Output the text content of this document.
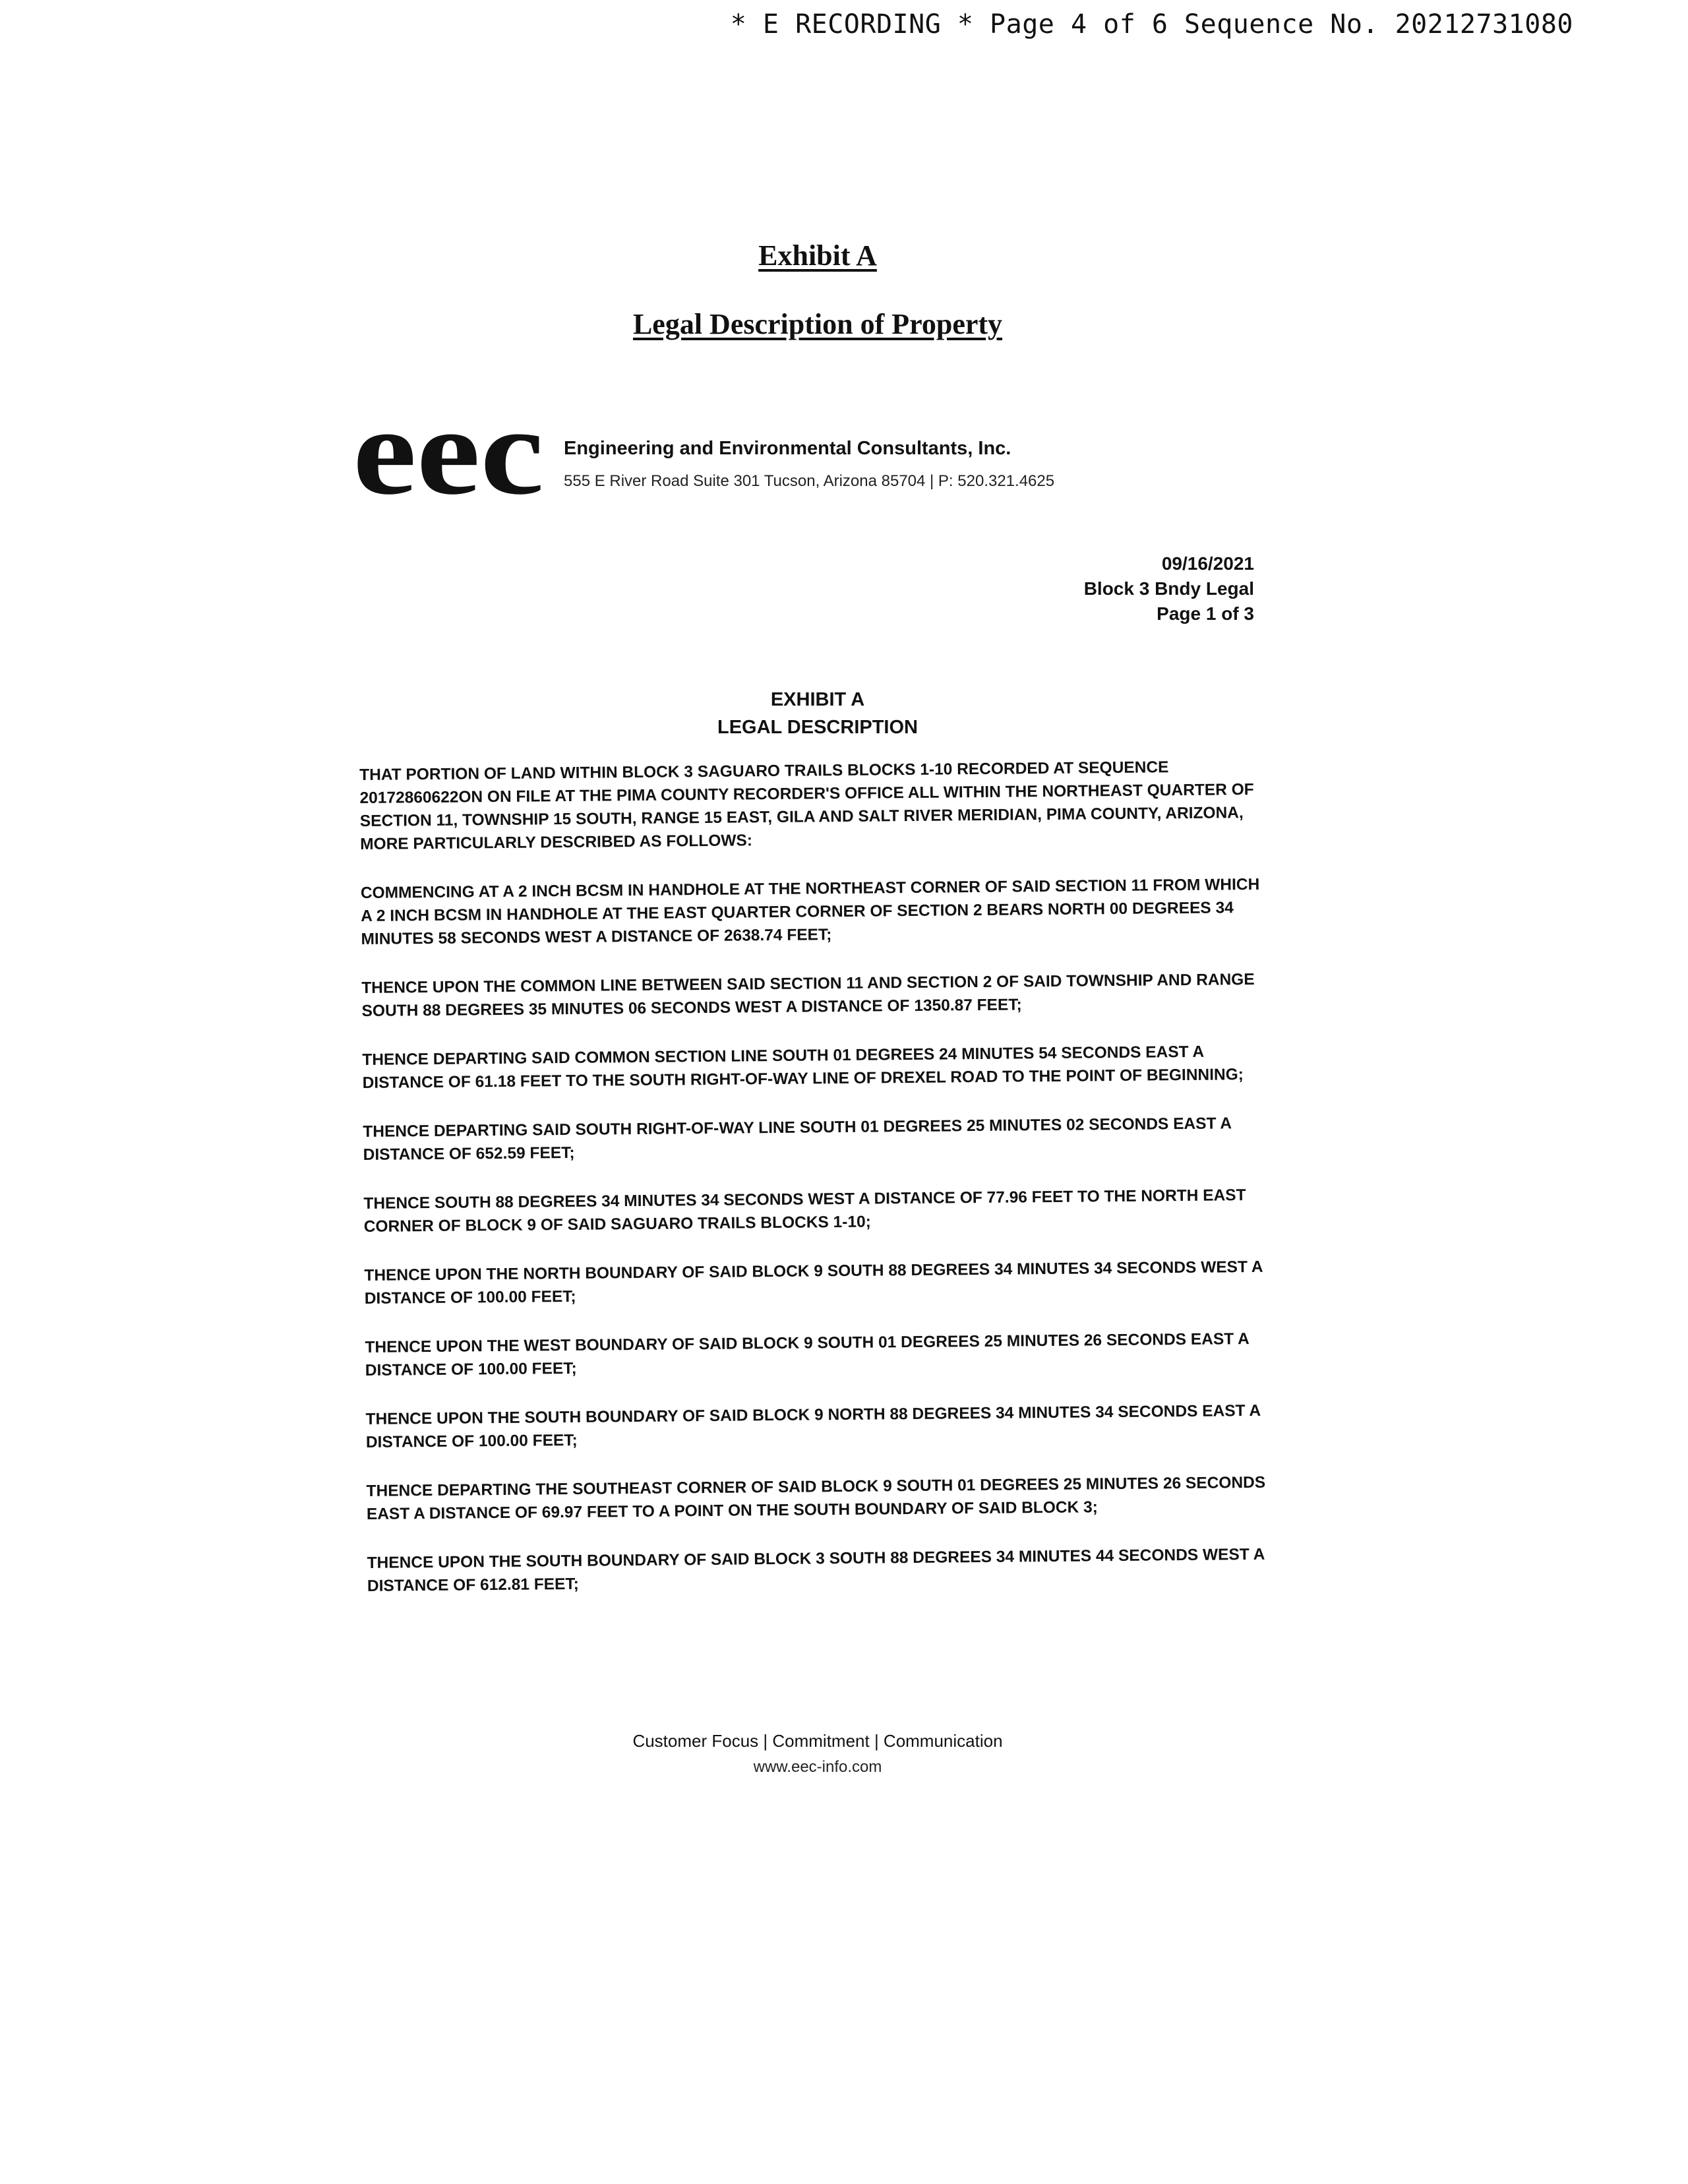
* E RECORDING * Page 4 of 6 Sequence No. 20212731080
Exhibit A
Legal Description of Property
eec Engineering and Environmental Consultants, Inc.
555 E River Road Suite 301 Tucson, Arizona 85704 | P: 520.321.4625
09/16/2021
Block 3 Bndy Legal
Page 1 of 3
EXHIBIT A
LEGAL DESCRIPTION

THAT PORTION OF LAND WITHIN BLOCK 3 SAGUARO TRAILS BLOCKS 1-10 RECORDED AT SEQUENCE 20172860622ON ON FILE AT THE PIMA COUNTY RECORDER'S OFFICE ALL WITHIN THE NORTHEAST QUARTER OF SECTION 11, TOWNSHIP 15 SOUTH, RANGE 15 EAST, GILA AND SALT RIVER MERIDIAN, PIMA COUNTY, ARIZONA, MORE PARTICULARLY DESCRIBED AS FOLLOWS:

COMMENCING AT A 2 INCH BCSM IN HANDHOLE AT THE NORTHEAST CORNER OF SAID SECTION 11 FROM WHICH A 2 INCH BCSM IN HANDHOLE AT THE EAST QUARTER CORNER OF SECTION 2 BEARS NORTH 00 DEGREES 34 MINUTES 58 SECONDS WEST A DISTANCE OF 2638.74 FEET;

THENCE UPON THE COMMON LINE BETWEEN SAID SECTION 11 AND SECTION 2 OF SAID TOWNSHIP AND RANGE SOUTH 88 DEGREES 35 MINUTES 06 SECONDS WEST A DISTANCE OF 1350.87 FEET;

THENCE DEPARTING SAID COMMON SECTION LINE SOUTH 01 DEGREES 24 MINUTES 54 SECONDS EAST A DISTANCE OF 61.18 FEET TO THE SOUTH RIGHT-OF-WAY LINE OF DREXEL ROAD TO THE POINT OF BEGINNING;

THENCE DEPARTING SAID SOUTH RIGHT-OF-WAY LINE SOUTH 01 DEGREES 25 MINUTES 02 SECONDS EAST A DISTANCE OF 652.59 FEET;

THENCE SOUTH 88 DEGREES 34 MINUTES 34 SECONDS WEST A DISTANCE OF 77.96 FEET TO THE NORTH EAST CORNER OF BLOCK 9 OF SAID SAGUARO TRAILS BLOCKS 1-10;

THENCE UPON THE NORTH BOUNDARY OF SAID BLOCK 9 SOUTH 88 DEGREES 34 MINUTES 34 SECONDS WEST A DISTANCE OF 100.00 FEET;

THENCE UPON THE WEST BOUNDARY OF SAID BLOCK 9 SOUTH 01 DEGREES 25 MINUTES 26 SECONDS EAST A DISTANCE OF 100.00 FEET;

THENCE UPON THE SOUTH BOUNDARY OF SAID BLOCK 9 NORTH 88 DEGREES 34 MINUTES 34 SECONDS EAST A DISTANCE OF 100.00 FEET;

THENCE DEPARTING THE SOUTHEAST CORNER OF SAID BLOCK 9 SOUTH 01 DEGREES 25 MINUTES 26 SECONDS EAST A DISTANCE OF 69.97 FEET TO A POINT ON THE SOUTH BOUNDARY OF SAID BLOCK 3;

THENCE UPON THE SOUTH BOUNDARY OF SAID BLOCK 3 SOUTH 88 DEGREES 34 MINUTES 44 SECONDS WEST A DISTANCE OF 612.81 FEET;

Customer Focus | Commitment | Communication
www.eec-info.com
